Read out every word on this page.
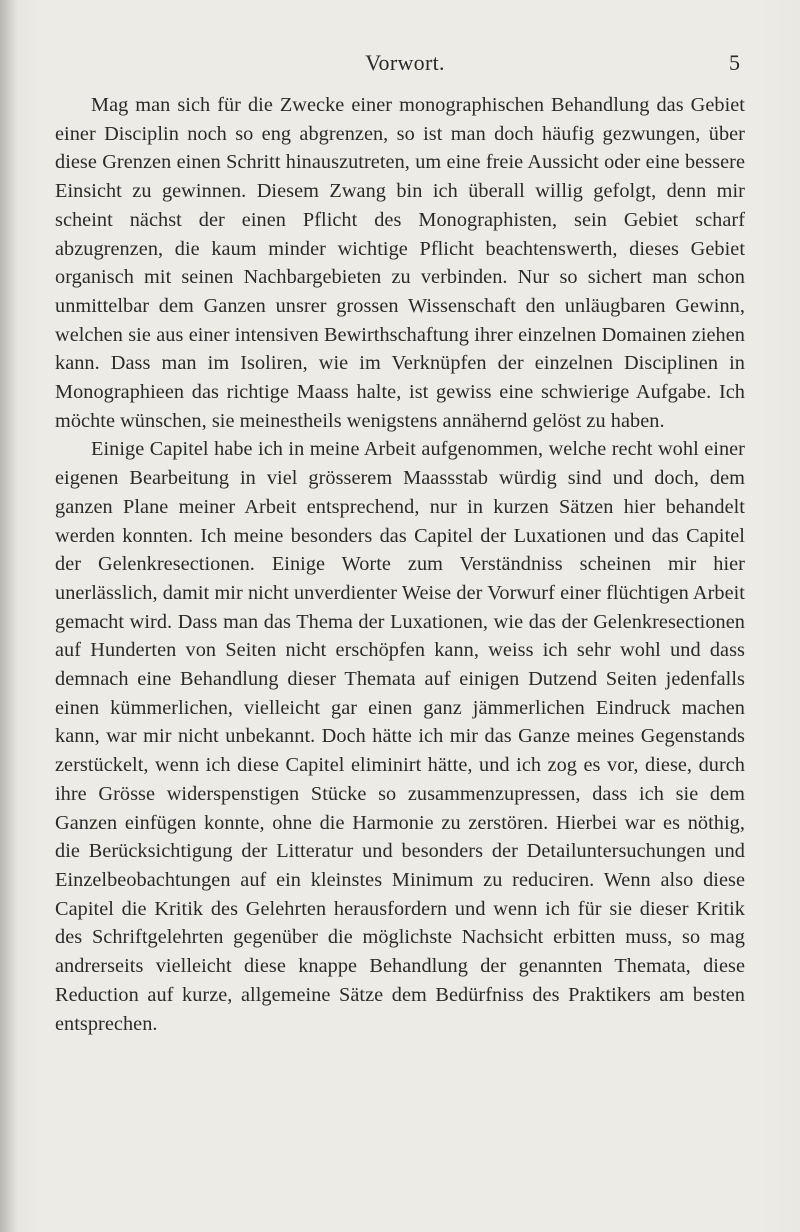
Vorwort.	5

Mag man sich für die Zwecke einer monographischen Behandlung das Gebiet einer Disciplin noch so eng abgrenzen, so ist man doch häufig gezwungen, über diese Grenzen einen Schritt hinauszutreten, um eine freie Aussicht oder eine bessere Einsicht zu gewinnen. Diesem Zwang bin ich überall willig gefolgt, denn mir scheint nächst der einen Pflicht des Monographisten, sein Gebiet scharf abzugrenzen, die kaum minder wichtige Pflicht beachtenswerth, dieses Gebiet organisch mit seinen Nachbargebieten zu verbinden. Nur so sichert man schon unmittelbar dem Ganzen unsrer grossen Wissenschaft den unläugbaren Gewinn, welchen sie aus einer intensiven Bewirthschaftung ihrer einzelnen Domainen ziehen kann. Dass man im Isoliren, wie im Verknüpfen der einzelnen Disciplinen in Monographieen das richtige Maass halte, ist gewiss eine schwierige Aufgabe. Ich möchte wünschen, sie meinestheils wenigstens annähernd gelöst zu haben.

Einige Capitel habe ich in meine Arbeit aufgenommen, welche recht wohl einer eigenen Bearbeitung in viel grösserem Maassstab würdig sind und doch, dem ganzen Plane meiner Arbeit entsprechend, nur in kurzen Sätzen hier behandelt werden konnten. Ich meine besonders das Capitel der Luxationen und das Capitel der Gelenkresectionen. Einige Worte zum Verständniss scheinen mir hier unerlässlich, damit mir nicht unverdienter Weise der Vorwurf einer flüchtigen Arbeit gemacht wird. Dass man das Thema der Luxationen, wie das der Gelenkresectionen auf Hunderten von Seiten nicht erschöpfen kann, weiss ich sehr wohl und dass demnach eine Behandlung dieser Themata auf einigen Dutzend Seiten jedenfalls einen kümmerlichen, vielleicht gar einen ganz jämmerlichen Eindruck machen kann, war mir nicht unbekannt. Doch hätte ich mir das Ganze meines Gegenstands zerstückelt, wenn ich diese Capitel eliminirt hätte, und ich zog es vor, diese, durch ihre Grösse widerspenstigen Stücke so zusammenzupressen, dass ich sie dem Ganzen einfügen konnte, ohne die Harmonie zu zerstören. Hierbei war es nöthig, die Berücksichtigung der Litteratur und besonders der Detailuntersuchungen und Einzelbeobachtungen auf ein kleinstes Minimum zu reduciren. Wenn also diese Capitel die Kritik des Gelehrten herausfordern und wenn ich für sie dieser Kritik des Schriftgelehrten gegenüber die möglichste Nachsicht erbitten muss, so mag andrerseits vielleicht diese knappe Behandlung der genannten Themata, diese Reduction auf kurze, allgemeine Sätze dem Bedürfniss des Praktikers am besten entsprechen.
